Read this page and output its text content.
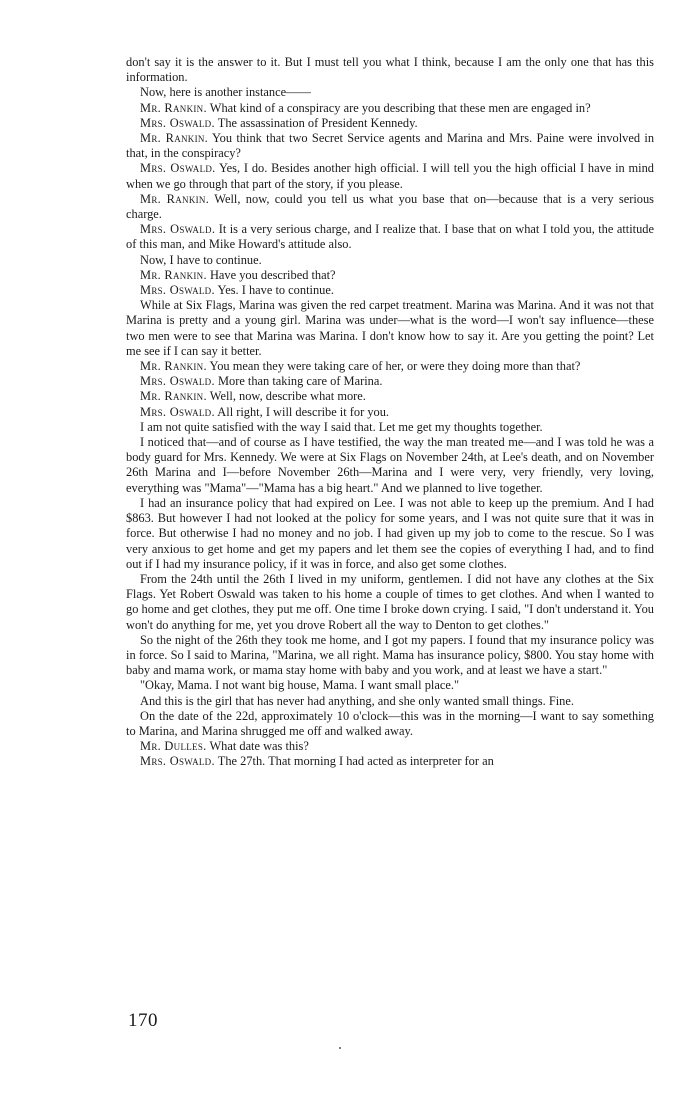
don't say it is the answer to it. But I must tell you what I think, because I am the only one that has this information.

Now, here is another instance——

Mr. Rankin. What kind of a conspiracy are you describing that these men are engaged in?

Mrs. Oswald. The assassination of President Kennedy.

Mr. Rankin. You think that two Secret Service agents and Marina and Mrs. Paine were involved in that, in the conspiracy?

Mrs. Oswald. Yes, I do. Besides another high official. I will tell you the high official I have in mind when we go through that part of the story, if you please.

Mr. Rankin. Well, now, could you tell us what you base that on—because that is a very serious charge.

Mrs. Oswald. It is a very serious charge, and I realize that. I base that on what I told you, the attitude of this man, and Mike Howard's attitude also.

Now, I have to continue.

Mr. Rankin. Have you described that?

Mrs. Oswald. Yes. I have to continue.

While at Six Flags, Marina was given the red carpet treatment. Marina was Marina. And it was not that Marina is pretty and a young girl. Marina was under—what is the word—I won't say influence—these two men were to see that Marina was Marina. I don't know how to say it. Are you getting the point? Let me see if I can say it better.

Mr. Rankin. You mean they were taking care of her, or were they doing more than that?

Mrs. Oswald. More than taking care of Marina.

Mr. Rankin. Well, now, describe what more.

Mrs. Oswald. All right, I will describe it for you.

I am not quite satisfied with the way I said that. Let me get my thoughts together.

I noticed that—and of course as I have testified, the way the man treated me—and I was told he was a body guard for Mrs. Kennedy. We were at Six Flags on November 24th, at Lee's death, and on November 26th Marina and I—before November 26th—Marina and I were very, very friendly, very loving, everything was "Mama"—"Mama has a big heart." And we planned to live together.

I had an insurance policy that had expired on Lee. I was not able to keep up the premium. And I had $863. But however I had not looked at the policy for some years, and I was not quite sure that it was in force. But otherwise I had no money and no job. I had given up my job to come to the rescue. So I was very anxious to get home and get my papers and let them see the copies of everything I had, and to find out if I had my insurance policy, if it was in force, and also get some clothes.

From the 24th until the 26th I lived in my uniform, gentlemen. I did not have any clothes at the Six Flags. Yet Robert Oswald was taken to his home a couple of times to get clothes. And when I wanted to go home and get clothes, they put me off. One time I broke down crying. I said, "I don't understand it. You won't do anything for me, yet you drove Robert all the way to Denton to get clothes."

So the night of the 26th they took me home, and I got my papers. I found that my insurance policy was in force. So I said to Marina, "Marina, we all right. Mama has insurance policy, $800. You stay home with baby and mama work, or mama stay home with baby and you work, and at least we have a start."

"Okay, Mama. I not want big house, Mama. I want small place."

And this is the girl that has never had anything, and she only wanted small things. Fine.

On the date of the 22d, approximately 10 o'clock—this was in the morning—I want to say something to Marina, and Marina shrugged me off and walked away.

Mr. Dulles. What date was this?

Mrs. Oswald. The 27th. That morning I had acted as interpreter for an

170
